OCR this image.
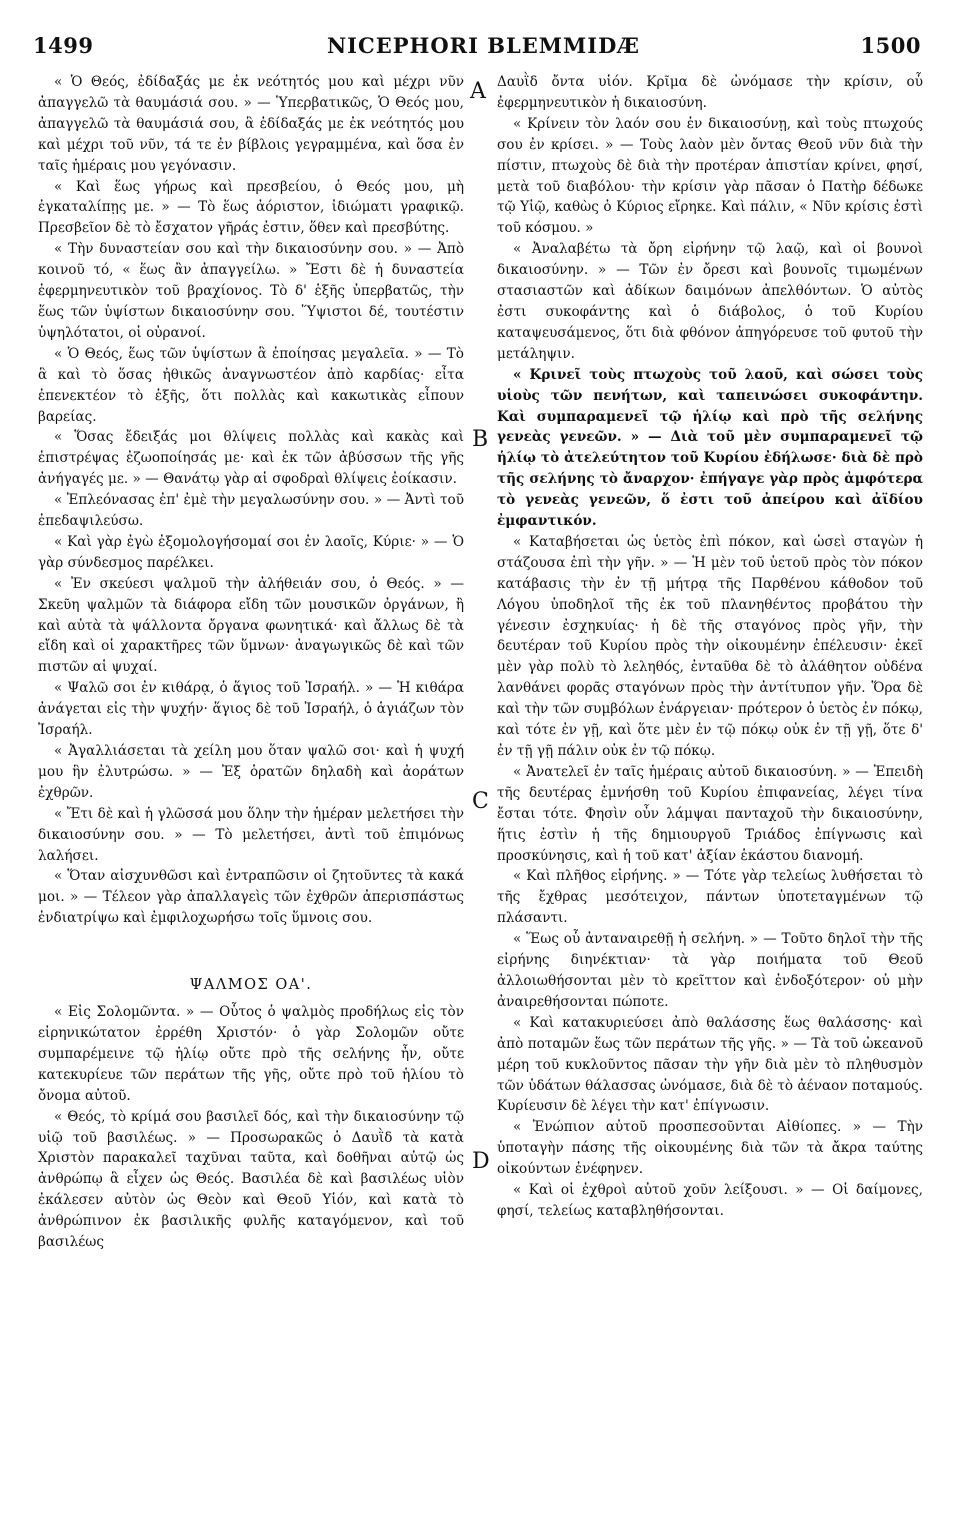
1499	NICEPHORI BLEMMIDÆ	1500
A
B
C
D

« Ὁ Θεός, ἐδίδαξάς με ἐκ νεότητός μου καὶ μέχρι νῦν ἀπαγγελῶ τὰ θαυμάσιά σου. » — Ὑπερβατικῶς, Ὁ Θεός μου, ἀπαγγελῶ τὰ θαυμάσιά σου, ἃ ἐδίδαξάς με ἐκ νεότητός μου καὶ μέχρι τοῦ νῦν, τά τε ἐν βίβλοις γεγραμμένα, καὶ ὅσα ἐν ταῖς ἡμέραις μου γεγόνασιν.

« Καὶ ἕως γήρως καὶ πρεσβείου, ὁ Θεός μου, μὴ ἐγκαταλίπῃς με. » — Τὸ ἕως ἀόριστον, ἰδιώματι γραφικῷ. Πρεσβεῖον δὲ τὸ ἔσχατον γῆράς ἐστιν, ὅθεν καὶ πρεσβύτης.

« Τὴν δυναστείαν σου καὶ τὴν δικαιοσύνην σου. » — Ἀπὸ κοινοῦ τό, « ἕως ἂν ἀπαγγείλω. » Ἔστι δὲ ἡ δυναστεία ἐφερμηνευτικὸν τοῦ βραχίονος. Τὸ δ' ἑξῆς ὑπερβατῶς, τὴν ἕως τῶν ὑψίστων δικαιοσύνην σου. Ὕψιστοι δέ, τουτέστιν ὑψηλότατοι, οἱ οὐρανοί.

« Ὁ Θεός, ἕως τῶν ὑψίστων ἃ ἐποίησας μεγαλεῖα. » — Τὸ ἃ καὶ τὸ ὅσας ἠθικῶς ἀναγνωστέον ἀπὸ καρδίας· εἶτα ἐπενεκτέον τὸ ἑξῆς, ὅτι πολλὰς καὶ κακωτικὰς εἶπουν βαρείας.

« Ὅσας ἔδειξάς μοι θλίψεις πολλὰς καὶ κακὰς καὶ ἐπιστρέψας ἐζωοποίησάς με· καὶ ἐκ τῶν ἀβύσσων τῆς γῆς ἀνήγαγές με. » — Θανάτῳ γὰρ αἱ σφοδραὶ θλίψεις ἐοίκασιν.

« Ἐπλεόνασας ἐπ' ἐμὲ τὴν μεγαλωσύνην σου. » — Ἀντὶ τοῦ ἐπεδαψιλεύσω.

« Καὶ γὰρ ἐγὼ ἐξομολογήσομαί σοι ἐν λαοῖς, Κύριε· » — Ὁ γὰρ σύνδεσμος παρέλκει.

« Ἐν σκεύεσι ψαλμοῦ τὴν ἀλήθειάν σου, ὁ Θεός. » — Σκεῦη ψαλμῶν τὰ διάφορα εἴδη τῶν μουσικῶν ὀργάνων, ἢ καὶ αὐτὰ τὰ ψάλλοντα ὄργανα φωνητικά· καὶ ἄλλως δὲ τὰ εἴδη καὶ οἱ χαρακτῆρες τῶν ὕμνων· ἀναγωγικῶς δὲ καὶ τῶν πιστῶν αἱ ψυχαί.

« Ψαλῶ σοι ἐν κιθάρᾳ, ὁ ἅγιος τοῦ Ἰσραήλ. » — Ἡ κιθάρα ἀνάγεται εἰς τὴν ψυχήν· ἅγιος δὲ τοῦ Ἰσραήλ, ὁ ἁγιάζων τὸν Ἰσραήλ.

« Ἀγαλλιάσεται τὰ χείλη μου ὅταν ψαλῶ σοι· καὶ ἡ ψυχή μου ἣν ἐλυτρώσω. » — Ἐξ ὁρατῶν δηλαδὴ καὶ ἀοράτων ἐχθρῶν.

« Ἔτι δὲ καὶ ἡ γλῶσσά μου ὅλην τὴν ἡμέραν μελετήσει τὴν δικαιοσύνην σου. » — Τὸ μελετήσει, ἀντὶ τοῦ ἐπιμόνως λαλήσει.

« Ὅταν αἰσχυνθῶσι καὶ ἐντραπῶσιν οἱ ζητοῦντες τὰ κακά μοι. » — Τέλεον γὰρ ἀπαλλαγεὶς τῶν ἐχθρῶν ἀπερισπάστως ἐνδιατρίψω καὶ ἐμφιλοχωρήσω τοῖς ὕμνοις σου.

ΨΑΛΜΟΣ ΟΑ'.

« Εἰς Σολομῶντα. » — Οὗτος ὁ ψαλμὸς προδήλως εἰς τὸν εἰρηνικώτατον ἐρρέθη Χριστόν· ὁ γὰρ Σολομῶν οὔτε συμπαρέμεινε τῷ ἡλίῳ οὔτε πρὸ τῆς σελήνης ἦν, οὔτε κατεκυρίευε τῶν περάτων τῆς γῆς, οὔτε πρὸ τοῦ ἡλίου τὸ ὄνομα αὐτοῦ.

« Θεός, τὸ κρίμά σου βασιλεῖ δός, καὶ τὴν δικαιοσύνην τῷ υἱῷ τοῦ βασιλέως. » — Προσωρακῶς ὁ Δαυῒδ τὰ κατὰ Χριστὸν παρακαλεῖ ταχῦναι ταῦτα, καὶ δοθῆναι αὐτῷ ὡς ἀνθρώπῳ ἃ εἶχεν ὡς Θεός. Βασιλέα δὲ καὶ βασιλέως υἱὸν ἐκάλεσεν αὐτὸν ὡς Θεὸν καὶ Θεοῦ Υἱόν, καὶ κατὰ τὸ ἀνθρώπινον ἐκ βασιλικῆς φυλῆς καταγόμενον, καὶ τοῦ βασιλέως

Δαυῒδ ὄντα υἱόν. Κρῖμα δὲ ὠνόμασε τὴν κρίσιν, οὗ ἐφερμηνευτικὸν ἡ δικαιοσύνη.

« Κρίνειν τὸν λαόν σου ἐν δικαιοσύνῃ, καὶ τοὺς πτωχούς σου ἐν κρίσει. » — Τοὺς λαὸν μὲν ὄντας Θεοῦ νῦν διὰ τὴν πίστιν, πτωχοὺς δὲ διὰ τὴν προτέραν ἀπιστίαν κρίνει, φησί, μετὰ τοῦ διαβόλου· τὴν κρίσιν γὰρ πᾶσαν ὁ Πατὴρ δέδωκε τῷ Υἱῷ, καθὼς ὁ Κύριος εἴρηκε. Καὶ πάλιν, « Νῦν κρίσις ἐστὶ τοῦ κόσμου. »

« Ἀναλαβέτω τὰ ὄρη εἰρήνην τῷ λαῷ, καὶ οἱ βουνοὶ δικαιοσύνην. » — Τῶν ἐν ὄρεσι καὶ βουνοῖς τιμωμένων στασιαστῶν καὶ ἀδίκων δαιμόνων ἀπελθόντων. Ὁ αὐτὸς ἐστι συκοφάντης καὶ ὁ διάβολος, ὁ τοῦ Κυρίου καταψευσάμενος, ὅτι διὰ φθόνον ἀπηγόρευσε τοῦ φυτοῦ τὴν μετάληψιν.

« Κρινεῖ τοὺς πτωχοὺς τοῦ λαοῦ, καὶ σώσει τοὺς υἱοὺς τῶν πενήτων, καὶ ταπεινώσει συκοφάντην. Καὶ συμπαραμενεῖ τῷ ἡλίῳ καὶ πρὸ τῆς σελήνης γενεὰς γενεῶν. » — Διὰ τοῦ μὲν συμπαραμενεῖ τῷ ἡλίῳ τὸ ἀτελεύτητον τοῦ Κυρίου ἐδήλωσε· διὰ δὲ πρὸ τῆς σελήνης τὸ ἄναρχον· ἐπήγαγε γὰρ πρὸς ἀμφότερα τὸ γενεὰς γενεῶν, ὅ ἐστι τοῦ ἀπείρου καὶ ἀϊδίου ἐμφαντικόν.

« Καταβήσεται ὡς ὑετὸς ἐπὶ πόκον, καὶ ὡσεὶ σταγὼν ἡ στάζουσα ἐπὶ τὴν γῆν. » — Ἡ μὲν τοῦ ὑετοῦ πρὸς τὸν πόκον κατάβασις τὴν ἐν τῇ μήτρᾳ τῆς Παρθένου κάθοδον τοῦ Λόγου ὑποδηλοῖ τῆς ἐκ τοῦ πλανηθέντος προβάτου τὴν γένεσιν ἐσχηκυίας· ἡ δὲ τῆς σταγόνος πρὸς γῆν, τὴν δευτέραν τοῦ Κυρίου πρὸς τὴν οἰκουμένην ἐπέλευσιν· ἐκεῖ μὲν γὰρ πολὺ τὸ λεληθός, ἐνταῦθα δὲ τὸ ἀλάθητον οὐδένα λανθάνει φορᾶς σταγόνων πρὸς τὴν ἀντίτυπον γῆν. Ὅρα δὲ καὶ τὴν τῶν συμβόλων ἐνάργειαν· πρότερον ὁ ὑετὸς ἐν πόκῳ, καὶ τότε ἐν γῇ, καὶ ὅτε μὲν ἐν τῷ πόκῳ οὐκ ἐν τῇ γῇ, ὅτε δ' ἐν τῇ γῇ πάλιν οὐκ ἐν τῷ πόκῳ.

« Ἀνατελεῖ ἐν ταῖς ἡμέραις αὐτοῦ δικαιοσύνη. » — Ἐπειδὴ τῆς δευτέρας ἐμνήσθη τοῦ Κυρίου ἐπιφανείας, λέγει τίνα ἔσται τότε. Φησὶν οὖν λάμψαι πανταχοῦ τὴν δικαιοσύνην, ἥτις ἐστὶν ἡ τῆς δημιουργοῦ Τριάδος ἐπίγνωσις καὶ προσκύνησις, καὶ ἡ τοῦ κατ' ἀξίαν ἑκάστου διανομή.

« Καὶ πλῆθος εἰρήνης. » — Τότε γὰρ τελείως λυθήσεται τὸ τῆς ἔχθρας μεσότειχον, πάντων ὑποτεταγμένων τῷ πλάσαντι.

« Ἕως οὗ ἀνταναιρεθῇ ἡ σελήνη. » — Τοῦτο δηλοῖ τὴν τῆς εἰρήνης διηνέκτιαν· τὰ γὰρ ποιήματα τοῦ Θεοῦ ἀλλοιωθήσονται μὲν τὸ κρεῖττον καὶ ἐνδοξότερον· οὐ μὴν ἀναιρεθήσονται πώποτε.

« Καὶ κατακυριεύσει ἀπὸ θαλάσσης ἕως θαλάσσης· καὶ ἀπὸ ποταμῶν ἕως τῶν περάτων τῆς γῆς. » — Τὰ τοῦ ὠκεανοῦ μέρη τοῦ κυκλοῦντος πᾶσαν τὴν γῆν διὰ μὲν τὸ πληθυσμὸν τῶν ὑδάτων θάλασσας ὠνόμασε, διὰ δὲ τὸ ἀέναον ποταμούς. Κυρίευσιν δὲ λέγει τὴν κατ' ἐπίγνωσιν.

« Ἐνώπιον αὐτοῦ προσπεσοῦνται Αἰθίοπες. » — Τὴν ὑποταγὴν πάσης τῆς οἰκουμένης διὰ τῶν τὰ ἄκρα ταύτης οἰκούντων ἐνέφηνεν.

« Καὶ οἱ ἐχθροὶ αὐτοῦ χοῦν λείξουσι. » — Οἱ δαίμονες, φησί, τελείως καταβληθήσονται.
